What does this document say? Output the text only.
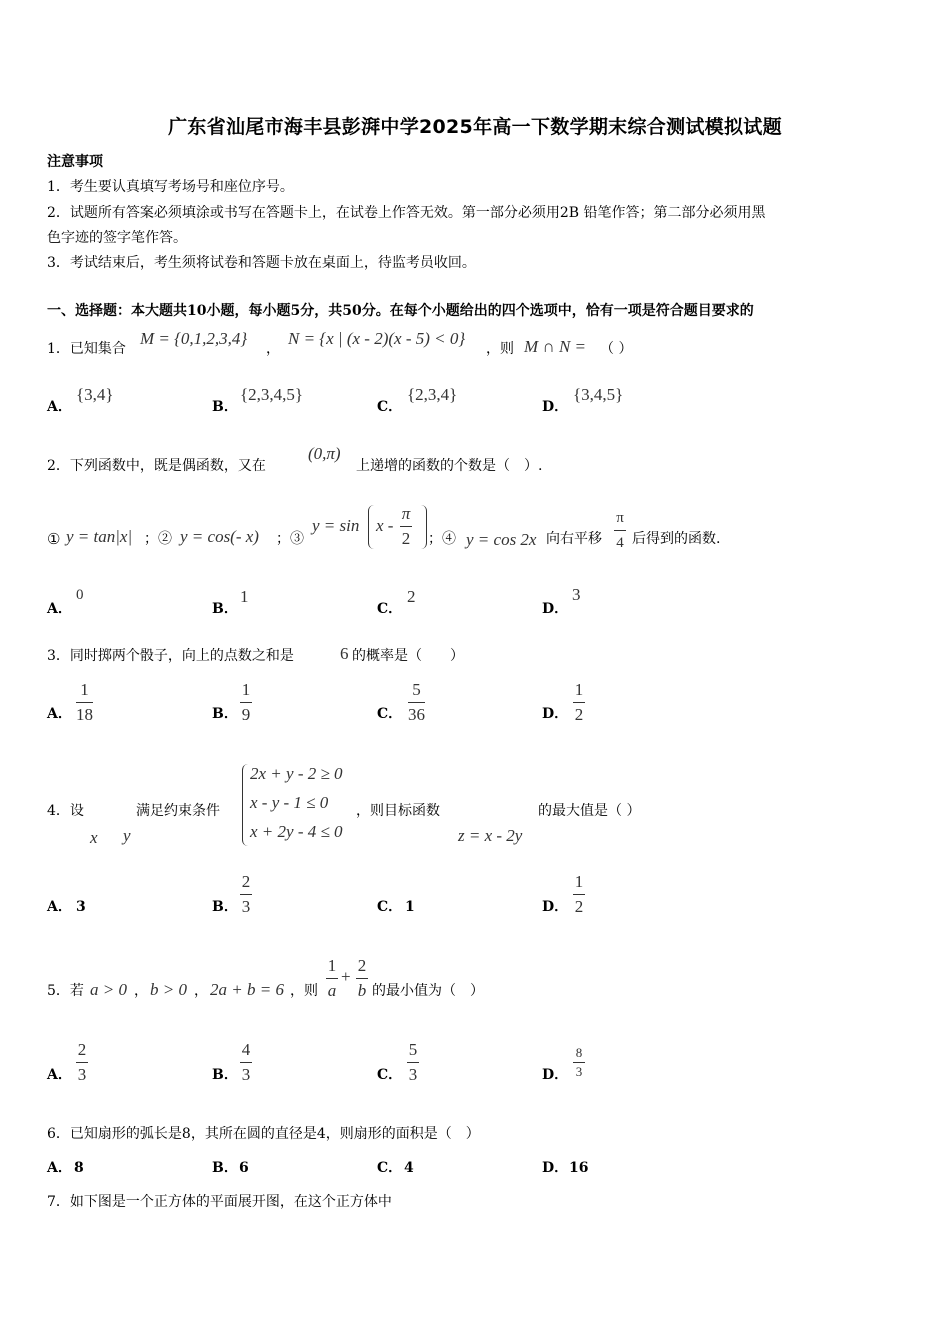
广东省汕尾市海丰县彭湃中学2025年高一下数学期末综合测试模拟试题
注意事项
1．考生要认真填写考场号和座位序号。
2．试题所有答案必须填涂或书写在答题卡上，在试卷上作答无效。第一部分必须用2B 铅笔作答；第二部分必须用黑
色字迹的签字笔作答。
3．考试结束后，考生须将试卷和答题卡放在桌面上，待监考员收回。
一、选择题：本大题共10小题，每小题5分，共50分。在每个小题给出的四个选项中，恰有一项是符合题目要求的
1．已知集合
M = {0,1,2,3,4}
，
N = {x | (x - 2)(x - 5) < 0}
，则 M ∩ N = （ ）
A．
{3,4}
B．
{2,3,4,5}
C．
{2,3,4}
D．
{3,4,5}
2．下列函数中，既是偶函数，又在
(0,π)
上递增的函数的个数是（　）.
① y = tan|x| ；② y = cos(- x) ；③
y = sin x -
π
2 ；④ y = cos 2x 向右平移
π
4 后得到的函数.
A．
0
B．
1
C．
2
D．
3
3．同时掷两个骰子，向上的点数之和是	6 的概率是（　　）
A．
1
18	B．
1
9	C．
5
36	D．
1
2
4．设
x y
满足约束条件
2x + y - 2 ≥ 0
x - y - 1 ≤ 0
x + 2y - 4 ≤ 0
，则目标函数
z = x - 2y
的最大值是（ ）
A． 3	B．
2
3	C． 1	D．
1
2
5．若 a > 0 ， b > 0 ， 2a + b = 6 ，则
1
a
+
2
b 的最小值为（　）
A．
2
3	B．
4
3	C．
5
3	D．
8
3
6．已知扇形的弧长是8，其所在圆的直径是4，则扇形的面积是（　）
A． 8	B． 6	C． 4	D． 16
7．如下图是一个正方体的平面展开图，在这个正方体中
